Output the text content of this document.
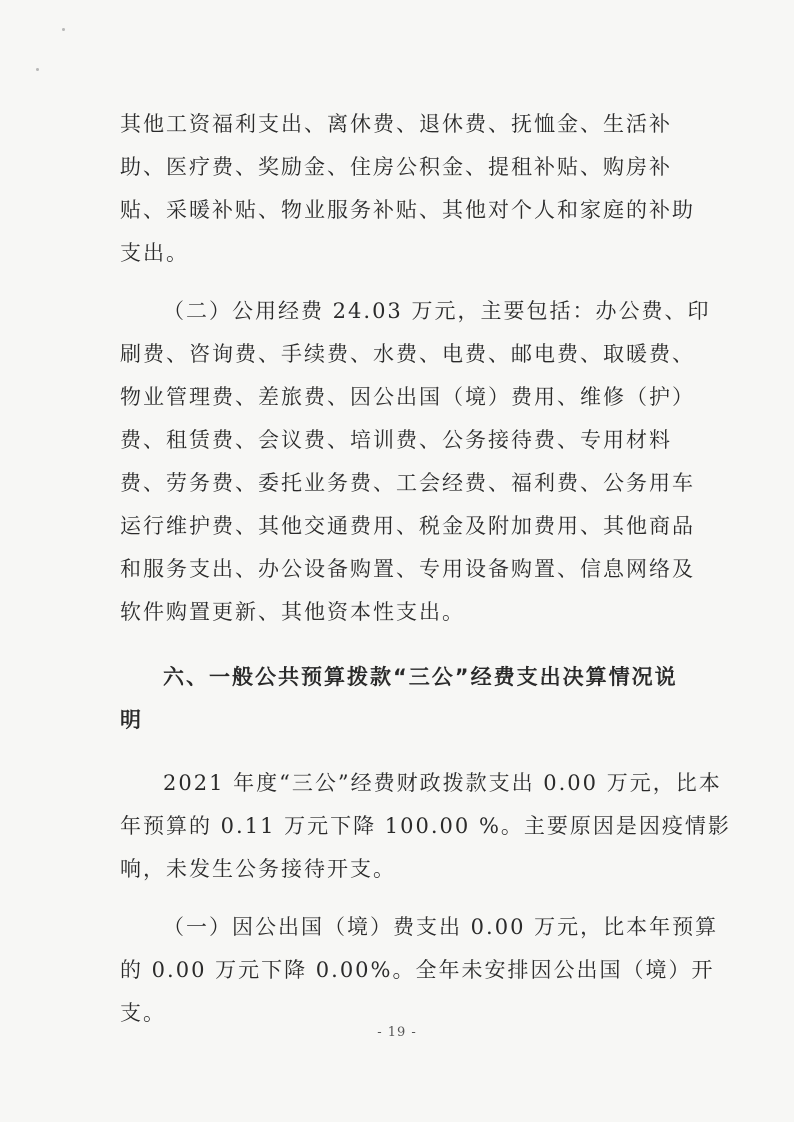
其他工资福利支出、离休费、退休费、抚恤金、生活补
助、医疗费、奖励金、住房公积金、提租补贴、购房补
贴、采暖补贴、物业服务补贴、其他对个人和家庭的补助
支出。
（二）公用经费 24.03 万元，主要包括：办公费、印
刷费、咨询费、手续费、水费、电费、邮电费、取暖费、
物业管理费、差旅费、因公出国（境）费用、维修（护）
费、租赁费、会议费、培训费、公务接待费、专用材料
费、劳务费、委托业务费、工会经费、福利费、公务用车
运行维护费、其他交通费用、税金及附加费用、其他商品
和服务支出、办公设备购置、专用设备购置、信息网络及
软件购置更新、其他资本性支出。
六、一般公共预算拨款“三公”经费支出决算情况说
明
2021 年度“三公”经费财政拨款支出 0.00 万元，比本
年预算的 0.11 万元下降 100.00 %。主要原因是因疫情影
响，未发生公务接待开支。
（一）因公出国（境）费支出 0.00 万元，比本年预算
的 0.00 万元下降 0.00%。全年未安排因公出国（境）开
支。
- 19 -
